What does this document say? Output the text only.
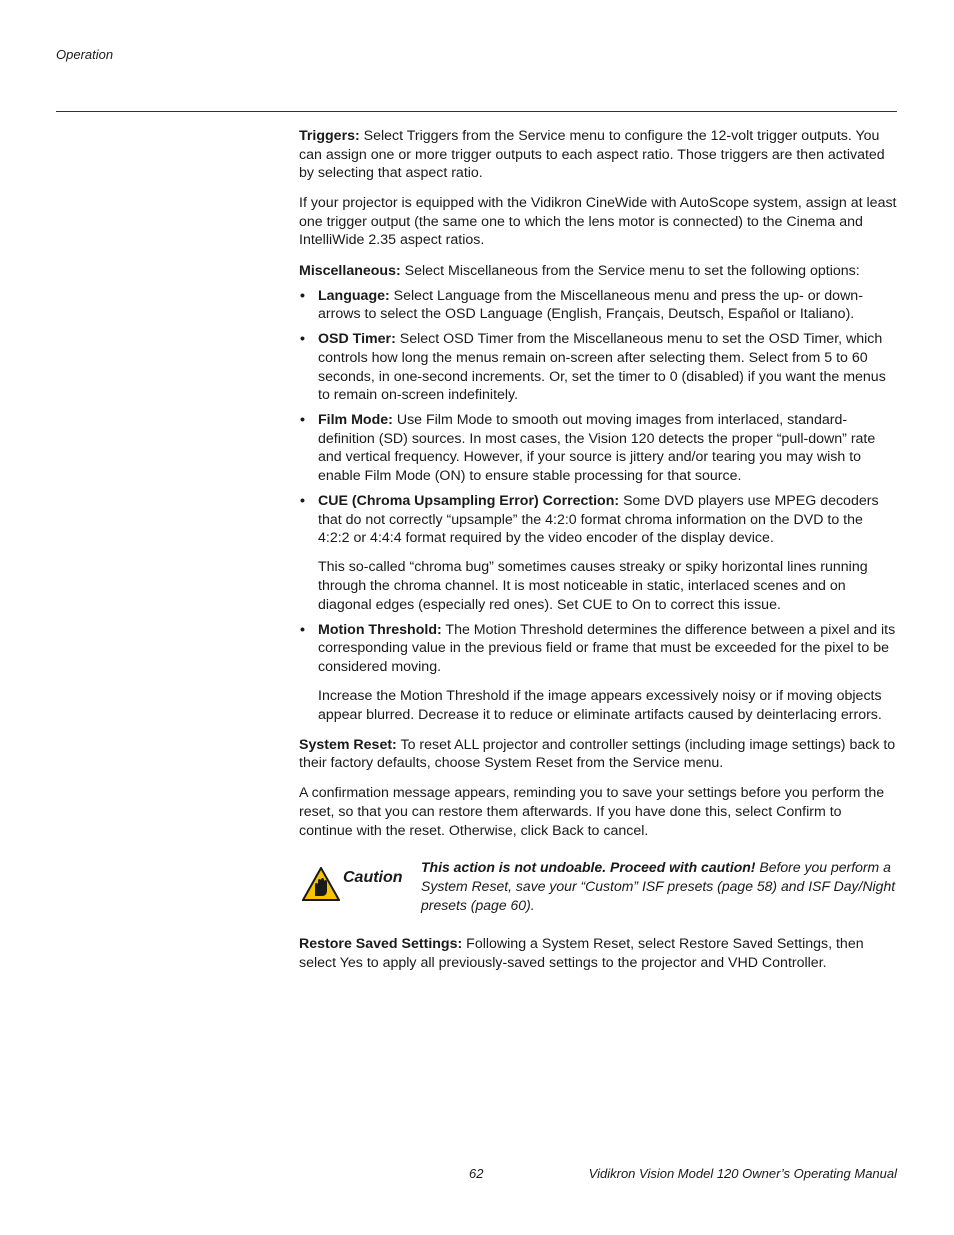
Operation

Triggers: Select Triggers from the Service menu to configure the 12-volt trigger outputs. You can assign one or more trigger outputs to each aspect ratio. Those triggers are then activated by selecting that aspect ratio.

If your projector is equipped with the Vidikron CineWide with AutoScope system, assign at least one trigger output (the same one to which the lens motor is connected) to the Cinema and IntelliWide 2.35 aspect ratios.

Miscellaneous: Select Miscellaneous from the Service menu to set the following options:

• Language: Select Language from the Miscellaneous menu and press the up- or down-arrows to select the OSD Language (English, Français, Deutsch, Español or Italiano).

• OSD Timer: Select OSD Timer from the Miscellaneous menu to set the OSD Timer, which controls how long the menus remain on-screen after selecting them. Select from 5 to 60 seconds, in one-second increments. Or, set the timer to 0 (disabled) if you want the menus to remain on-screen indefinitely.

• Film Mode: Use Film Mode to smooth out moving images from interlaced, standard-definition (SD) sources. In most cases, the Vision 120 detects the proper “pull-down” rate and vertical frequency. However, if your source is jittery and/or tearing you may wish to enable Film Mode (ON) to ensure stable processing for that source.

• CUE (Chroma Upsampling Error) Correction: Some DVD players use MPEG decoders that do not correctly “upsample” the 4:2:0 format chroma information on the DVD to the 4:2:2 or 4:4:4 format required by the video encoder of the display device.

This so-called “chroma bug” sometimes causes streaky or spiky horizontal lines running through the chroma channel. It is most noticeable in static, interlaced scenes and on diagonal edges (especially red ones). Set CUE to On to correct this issue.

• Motion Threshold: The Motion Threshold determines the difference between a pixel and its corresponding value in the previous field or frame that must be exceeded for the pixel to be considered moving.

Increase the Motion Threshold if the image appears excessively noisy or if moving objects appear blurred. Decrease it to reduce or eliminate artifacts caused by deinterlacing errors.

System Reset: To reset ALL projector and controller settings (including image settings) back to their factory defaults, choose System Reset from the Service menu.

A confirmation message appears, reminding you to save your settings before you perform the reset, so that you can restore them afterwards. If you have done this, select Confirm to continue with the reset. Otherwise, click Back to cancel.

Caution
This action is not undoable. Proceed with caution! Before you perform a System Reset, save your “Custom” ISF presets (page 58) and ISF Day/Night presets (page 60).

Restore Saved Settings: Following a System Reset, select Restore Saved Settings, then select Yes to apply all previously-saved settings to the projector and VHD Controller.

62	Vidikron Vision Model 120 Owner’s Operating Manual
